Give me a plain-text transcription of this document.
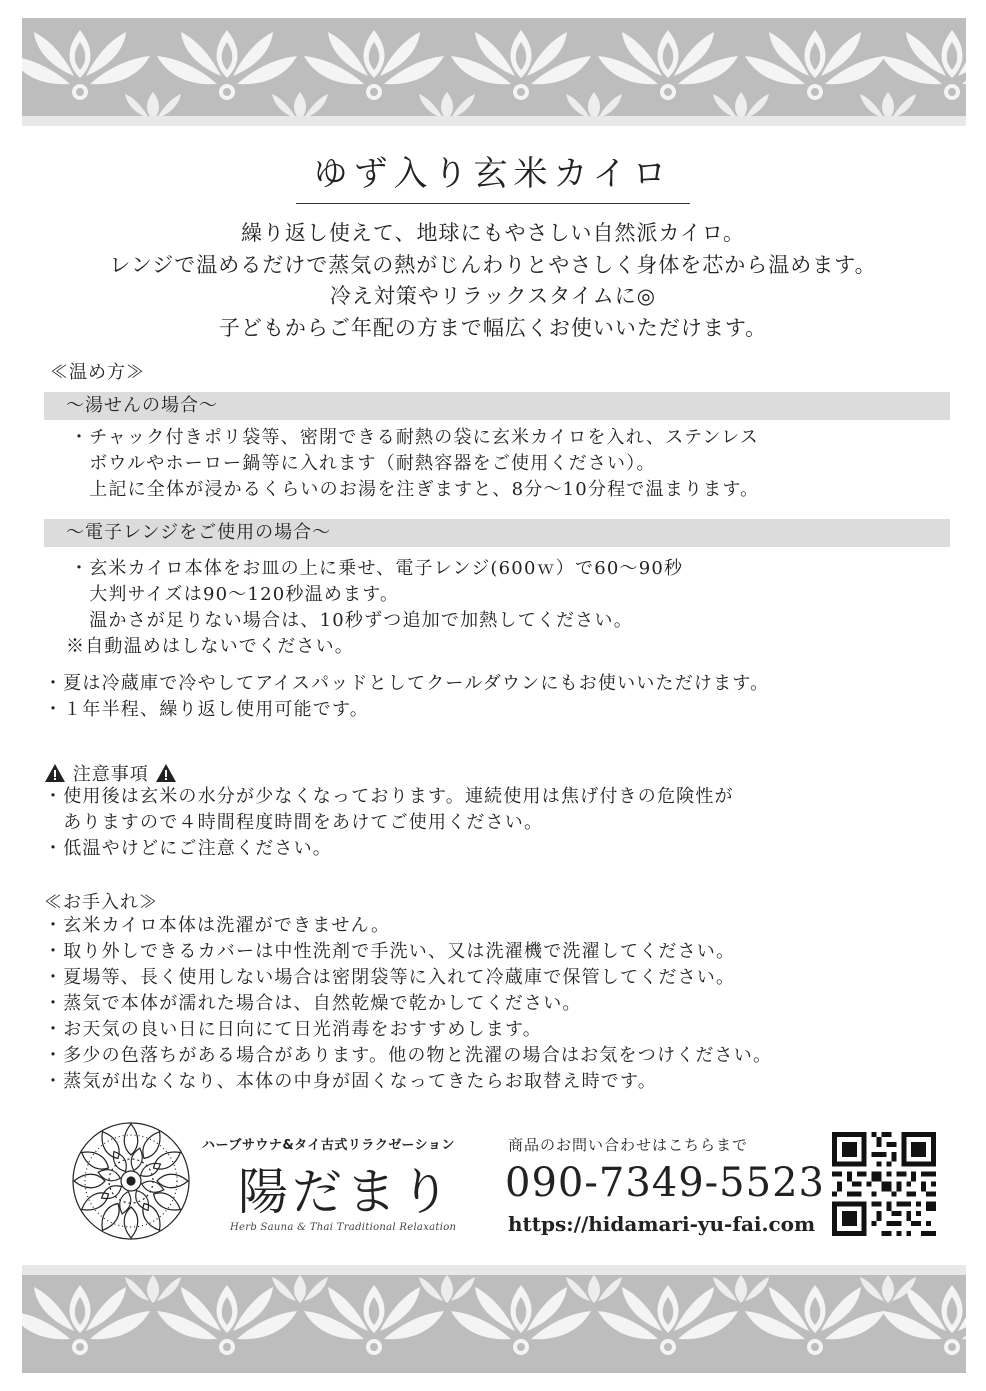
ゆず入り玄米カイロ
繰り返し使えて、地球にもやさしい自然派カイロ。
レンジで温めるだけで蒸気の熱がじんわりとやさしく身体を芯から温めます。
冷え対策やリラックスタイムに◎
子どもからご年配の方まで幅広くお使いいただけます。
≪温め方≫
〜湯せんの場合〜
・チャック付きポリ袋等、密閉できる耐熱の袋に玄米カイロを入れ、ステンレス
　ボウルやホーロー鍋等に入れます（耐熱容器をご使用ください）。
　上記に全体が浸かるくらいのお湯を注ぎますと、8分〜10分程で温まります。
〜電子レンジをご使用の場合〜
・玄米カイロ本体をお皿の上に乗せ、電子レンジ(600ｗ）で60〜90秒
　大判サイズは90〜120秒温めます。
　温かさが足りない場合は、10秒ずつ追加で加熱してください。
※自動温めはしないでください。
・夏は冷蔵庫で冷やしてアイスパッドとしてクールダウンにもお使いいただけます。
・１年半程、繰り返し使用可能です。
注意事項
・使用後は玄米の水分が少なくなっております。連続使用は焦げ付きの危険性が
　ありますので４時間程度時間をあけてご使用ください。
・低温やけどにご注意ください。
≪お手入れ≫
・玄米カイロ本体は洗濯ができません。
・取り外しできるカバーは中性洗剤で手洗い、又は洗濯機で洗濯してください。
・夏場等、長く使用しない場合は密閉袋等に入れて冷蔵庫で保管してください。
・蒸気で本体が濡れた場合は、自然乾燥で乾かしてください。
・お天気の良い日に日向にて日光消毒をおすすめします。
・多少の色落ちがある場合があります。他の物と洗濯の場合はお気をつけください。
・蒸気が出なくなり、本体の中身が固くなってきたらお取替え時です。
ハーブサウナ&タイ古式リラクゼーション
陽だまり
Herb Sauna & Thai Traditional Relaxation
商品のお問い合わせはこちらまで
090-7349-5523
https://hidamari-yu-fai.com
